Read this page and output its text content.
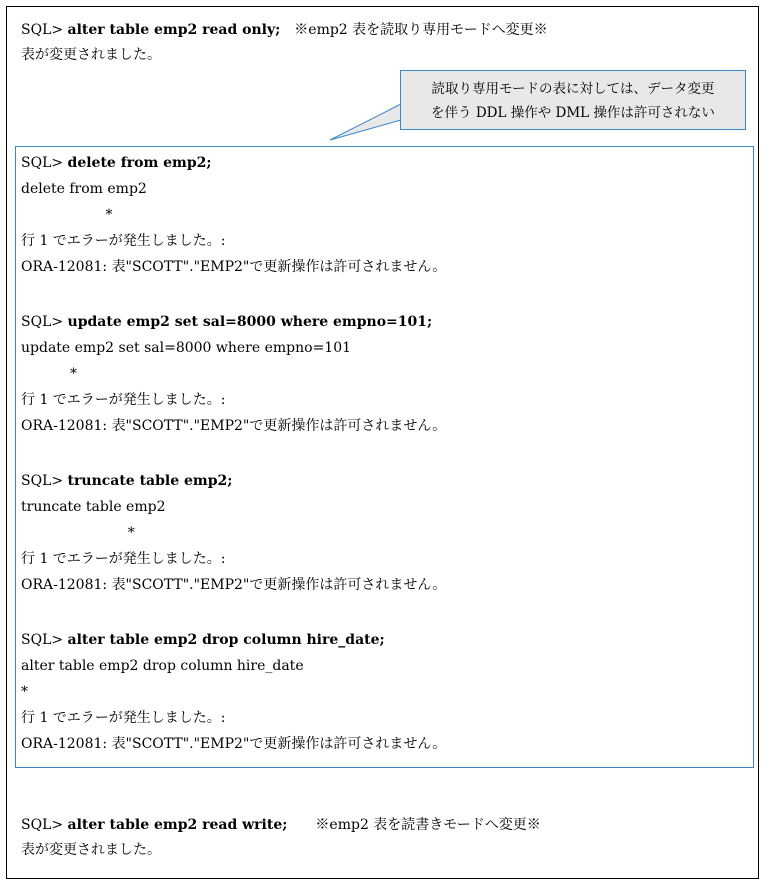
SQL> alter table emp2 read only;　※emp2 表を読取り専用モードへ変更※
表が変更されました。
読取り専用モードの表に対しては、データ変更
を伴う DDL 操作や DML 操作は許可されない
SQL> delete from emp2;
delete from emp2
*
行 1 でエラーが発生しました。:
ORA-12081: 表"SCOTT"."EMP2"で更新操作は許可されません。
SQL> update emp2 set sal=8000 where empno=101;
update emp2 set sal=8000 where empno=101
*
行 1 でエラーが発生しました。:
ORA-12081: 表"SCOTT"."EMP2"で更新操作は許可されません。
SQL> truncate table emp2;
truncate table emp2
*
行 1 でエラーが発生しました。:
ORA-12081: 表"SCOTT"."EMP2"で更新操作は許可されません。
SQL> alter table emp2 drop column hire_date;
alter table emp2 drop column hire_date
*
行 1 でエラーが発生しました。:
ORA-12081: 表"SCOTT"."EMP2"で更新操作は許可されません。
SQL> alter table emp2 read write;　　※emp2 表を読書きモードへ変更※
表が変更されました。
